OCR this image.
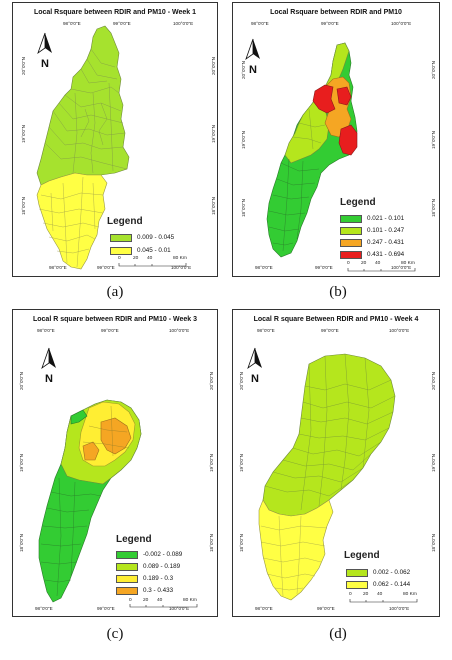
Local Rsquare between RDIR and PM10 - Week 1
98°0'0"E	99°0'0"E	100°0'0"E
98°0'0"E	99°0'0"E	100°0'0"E
20°0'0"N
19°0'0"N
18°0'0"N
20°0'0"N
19°0'0"N
18°0'0"N
N
Legend
0.009 - 0.045
0.045 - 0.01
0	20 40	80 Km
(a)
Local Rsquare between RDIR and PM10
98°0'0"E	99°0'0"E	100°0'0"E
98°0'0"E	99°0'0"E	100°0'0"E
20°0'0"N
19°0'0"N
18°0'0"N
20°0'0"N
19°0'0"N
18°0'0"N
N
Legend
0.021 - 0.101
0.101 - 0.247
0.247 - 0.431
0.431 - 0.694
0 20 40	80 Km
(b)
Local R square between RDIR and PM10 - Week 3
98°0'0"E	99°0'0"E	100°0'0"E
98°0'0"E	99°0'0"E	100°0'0"E
20°0'0"N
19°0'0"N
18°0'0"N
20°0'0"N
19°0'0"N
18°0'0"N
N
Legend
-0.002 - 0.089
0.089 - 0.189
0.189 - 0.3
0.3 - 0.433
0 20 40	80 Km
(c)
Local R square Between RDIR and PM10 - Week 4
98°0'0"E	99°0'0"E	100°0'0"E
98°0'0"E	99°0'0"E	100°0'0"E
20°0'0"N
19°0'0"N
18°0'0"N
20°0'0"N
19°0'0"N
18°0'0"N
N
Legend
0.002 - 0.062
0.062 - 0.144
0 20 40	80 Km
(d)
